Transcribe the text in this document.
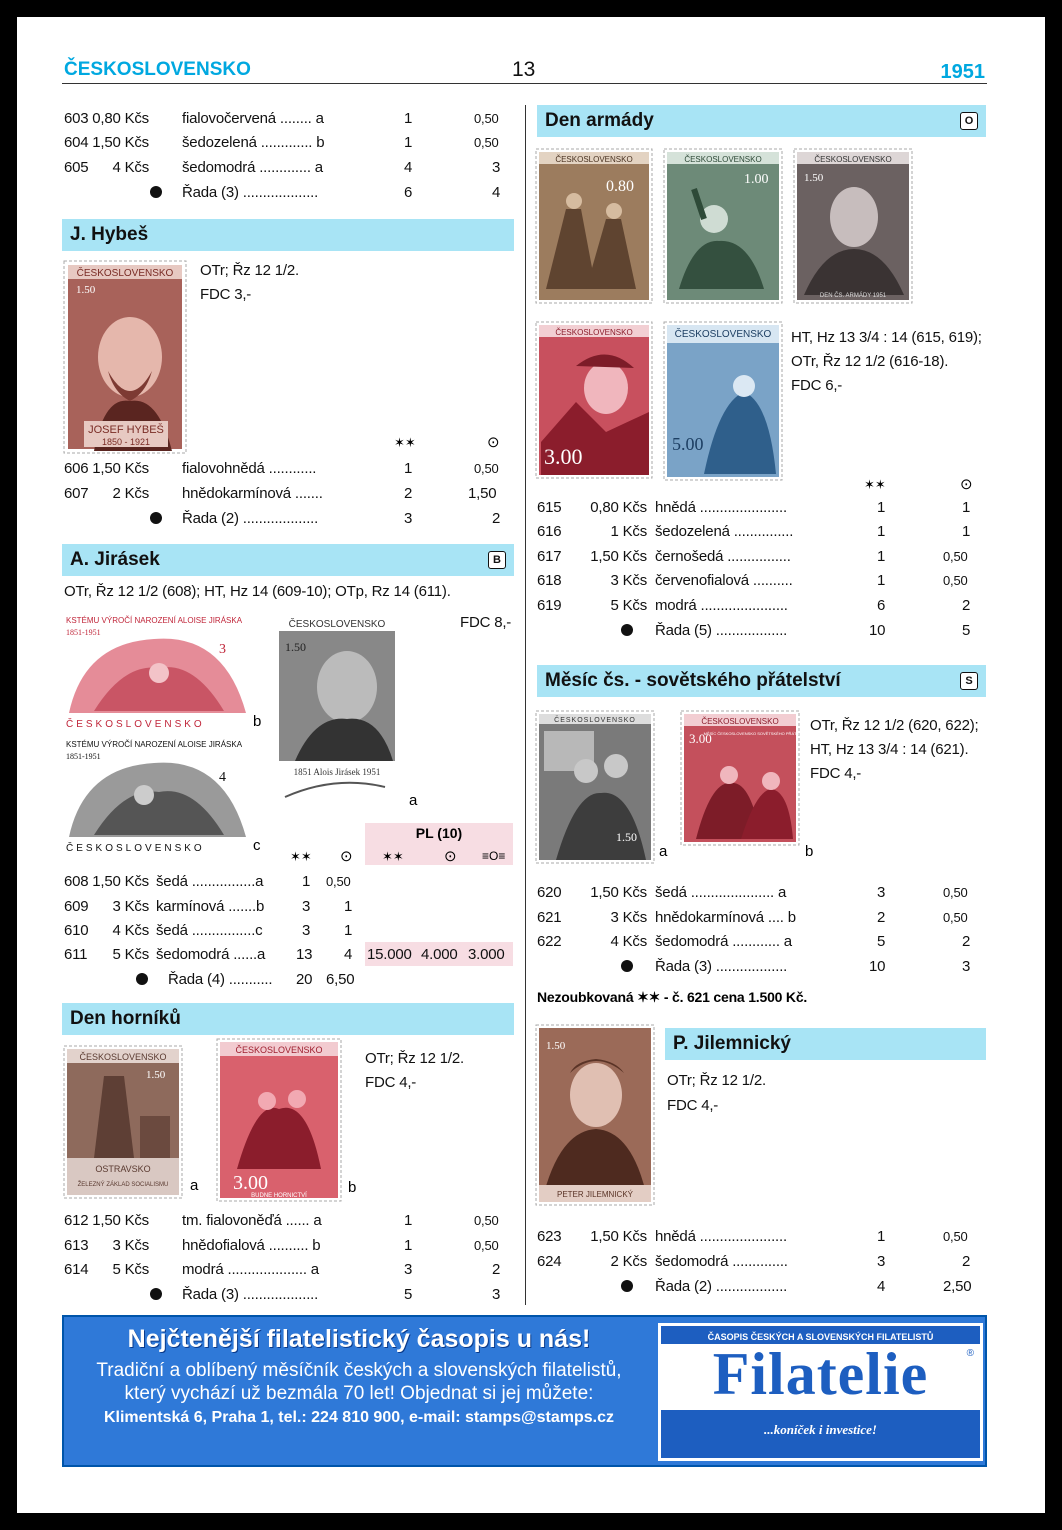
ČESKOSLOVENSKO	13	1951
603 0,80 Kčs fialovočervená ........ a	1	0,50
604 1,50 Kčs šedozelená ............. b	1	0,50
605 4 Kčs šedomodrá ............. a	4	3
Řada (3) ...................	6	4
J. Hybeš
ČESKOSLOVENSKO
1.50
JOSEF HYBEŠ
1850 - 1921
OTr; Řz 12 1/2.
FDC 3,-
✶✶	⊙
606 1,50 Kčs fialovohnědá ............	1	0,50
607 2 Kčs hnědokarmínová .......	2	1,50
Řada (2) ...................	3	2
A. Jirásek	B
OTr, Řz 12 1/2 (608); HT, Hz 14 (609-10); OTp, Rz 14 (611).
KSTÉMU VÝROČÍ NAROZENÍ ALOISE JIRÁSKA
1851-1951
3
ČESKOSLOVENSKO	b
KSTÉMU VÝROČÍ NAROZENÍ ALOISE JIRÁSKA
1851-1951
4
ČESKOSLOVENSKO	c
ČESKOSLOVENSKO
1.50
1851 Alois Jirásek 1951
a
FDC 8,-
PL (10)
✶✶	⊙ ≡O≡
✶✶ ⊙
608 1,50 Kčs šedá ................a	1 0,50
609 3 Kčs karmínová .......b	3 1
610 4 Kčs šedá ................c	3 1
611 5 Kčs šedomodrá ......a 13 4 15.000 4.000 3.000
Řada (4) ........... 20 6,50
Den horníků
ČESKOSLOVENSKO
1.50
OSTRAVSKO
ŽELEZNÝ ZÁKLAD SOCIALISMU a
ČESKOSLOVENSKO
3.00
BUDNE HORNICTVÍ	b
OTr; Řz 12 1/2.
FDC 4,-
612 1,50 Kčs tm. fialovoněďá ...... a	1	0,50
613 3 Kčs hnědofialová .......... b	1	0,50
614 5 Kčs modrá .................... a	3	2
Řada (3) ...................	5	3
Den armády	O
ČESKOSLOVENSKO
0.80
ČESKOSLOVENSKO
1.00
ČESKOSLOVENSKO
1.50
DEN ČS. ARMÁDY 1951
ČESKOSLOVENSKO
3.00
ČESKOSLOVENSKO
5.00
HT, Hz 13 3/4 : 14 (615, 619);
OTr, Řz 12 1/2 (616-18).
FDC 6,-
✶✶	⊙
615 0,80 Kčs hnědá ......................	1	1
616	1 Kčs šedozelená ...............	1	1
617 1,50 Kčs černošedá ................	1	0,50
618	3 Kčs červenofialová ..........	1	0,50
619	5 Kčs modrá ......................	6	2
Řada (5) ..................	10	5
Měsíc čs. - sovětského přátelství	S
ČESKOSLOVENSKO
1.50
a
ČESKOSLOVENSKO
3.00
MĚSÍC ČESKOSLOVENSKO SOVĚTSKÉHO PŘÁTELSTVÍ
b
OTr, Řz 12 1/2 (620, 622);
HT, Hz 13 3/4 : 14 (621).
FDC 4,-
620 1,50 Kčs šedá ..................... a	3	0,50
621	3 Kčs hnědokarmínová .... b	2	0,50
622	4 Kčs šedomodrá ............ a	5	2
Řada (3) ..................	10	3
Nezoubkovaná ✶✶ - č. 621 cena 1.500 Kč.
1.50
PETER JILEMNICKÝ
P. Jilemnický
OTr; Řz 12 1/2.
FDC 4,-
623 1,50 Kčs hnědá ......................	1	0,50
624	2 Kčs šedomodrá ..............	3	2
Řada (2) ..................	4	2,50
Nejčtenější filatelistický časopis u nás!
Tradiční a oblíbený měsíčník českých a slovenských filatelistů,
který vychází už bezmála 70 let! Objednat si jej můžete:
Klimentská 6, Praha 1, tel.: 224 810 900, e-mail: stamps@stamps.cz
ČASOPIS ČESKÝCH A SLOVENSKÝCH FILATELISTŮ
Filatelie	®
...koníček i investice!
